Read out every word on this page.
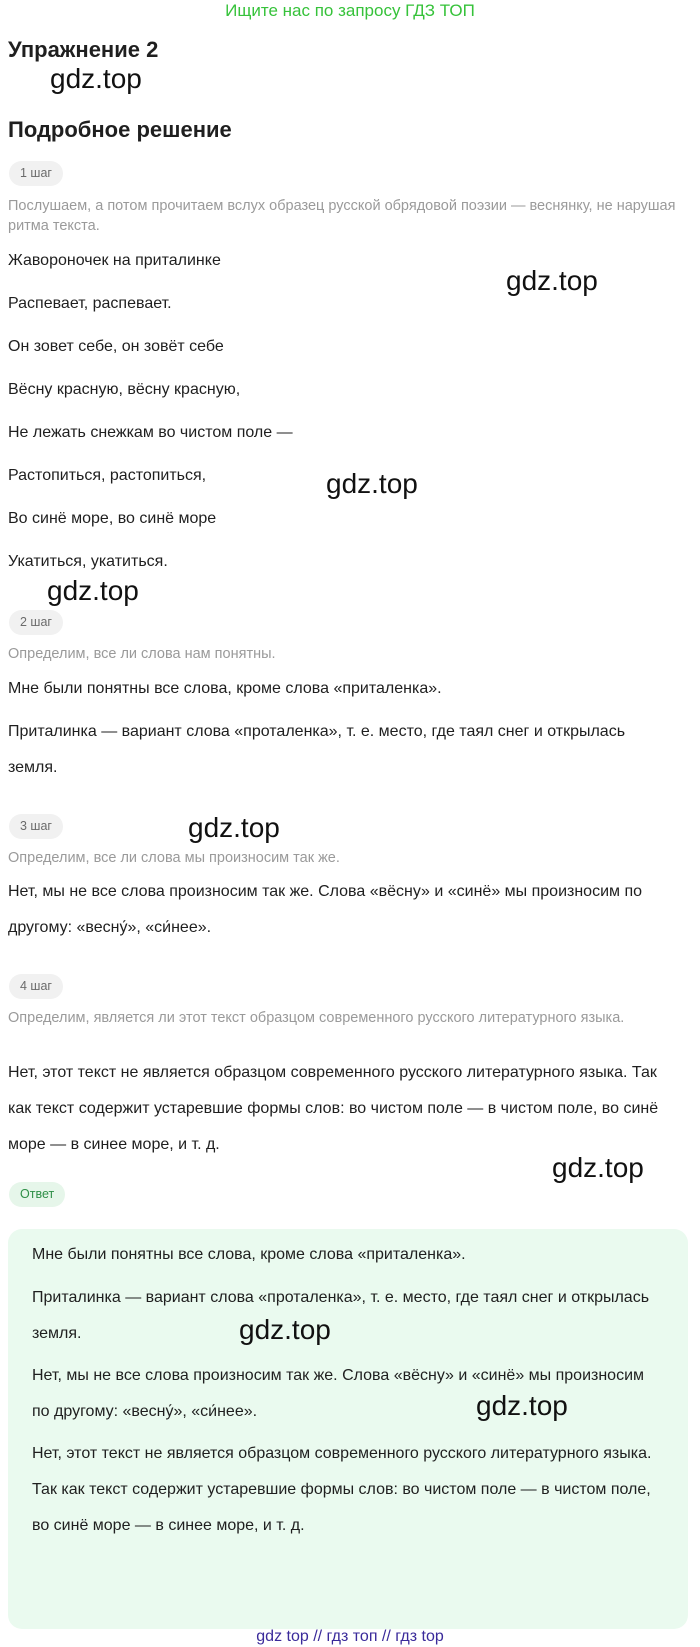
Ищите нас по запросу ГДЗ ТОП
Упражнение 2
gdz.top
Подробное решение
1 шаг
Послушаем, а потом прочитаем вслух образец русской обрядовой поэзии — веснянку, не нарушая ритма текста.
Жавороночек на приталинке
Распевает, распевает.
Он зовет себе, он зовёт себе
Вёсну красную, вёсну красную,
Не лежать снежкам во чистом поле —
Растопиться, растопиться,
Во синё море, во синё море
Укатиться, укатиться.
gdz.top
gdz.top
gdz.top
2 шаг
Определим, все ли слова нам понятны.
Мне были понятны все слова, кроме слова «приталенка».
Приталинка — вариант слова «проталенка», т. е. место, где таял снег и открылась земля.
3 шаг	gdz.top
Определим, все ли слова мы произносим так же.
Нет, мы не все слова произносим так же. Слова «вёсну» и «синё» мы произносим по другому: «весну́», «си́нее».
4 шаг
Определим, является ли этот текст образцом современного русского литературного языка.
Нет, этот текст не является образцом современного русского литературного языка. Так как текст содержит устаревшие формы слов: во чистом поле — в чистом поле, во синё море — в синее море, и т. д.
gdz.top
Ответ
Мне были понятны все слова, кроме слова «приталенка».
Приталинка — вариант слова «проталенка», т. е. место, где таял снег и открылась земля.
Нет, мы не все слова произносим так же. Слова «вёсну» и «синё» мы произносим по другому: «весну́», «си́нее».
Нет, этот текст не является образцом современного русского литературного языка. Так как текст содержит устаревшие формы слов: во чистом поле — в чистом поле, во синё море — в синее море, и т. д.
gdz.top
gdz.top
gdz top // гдз топ // гдз top
